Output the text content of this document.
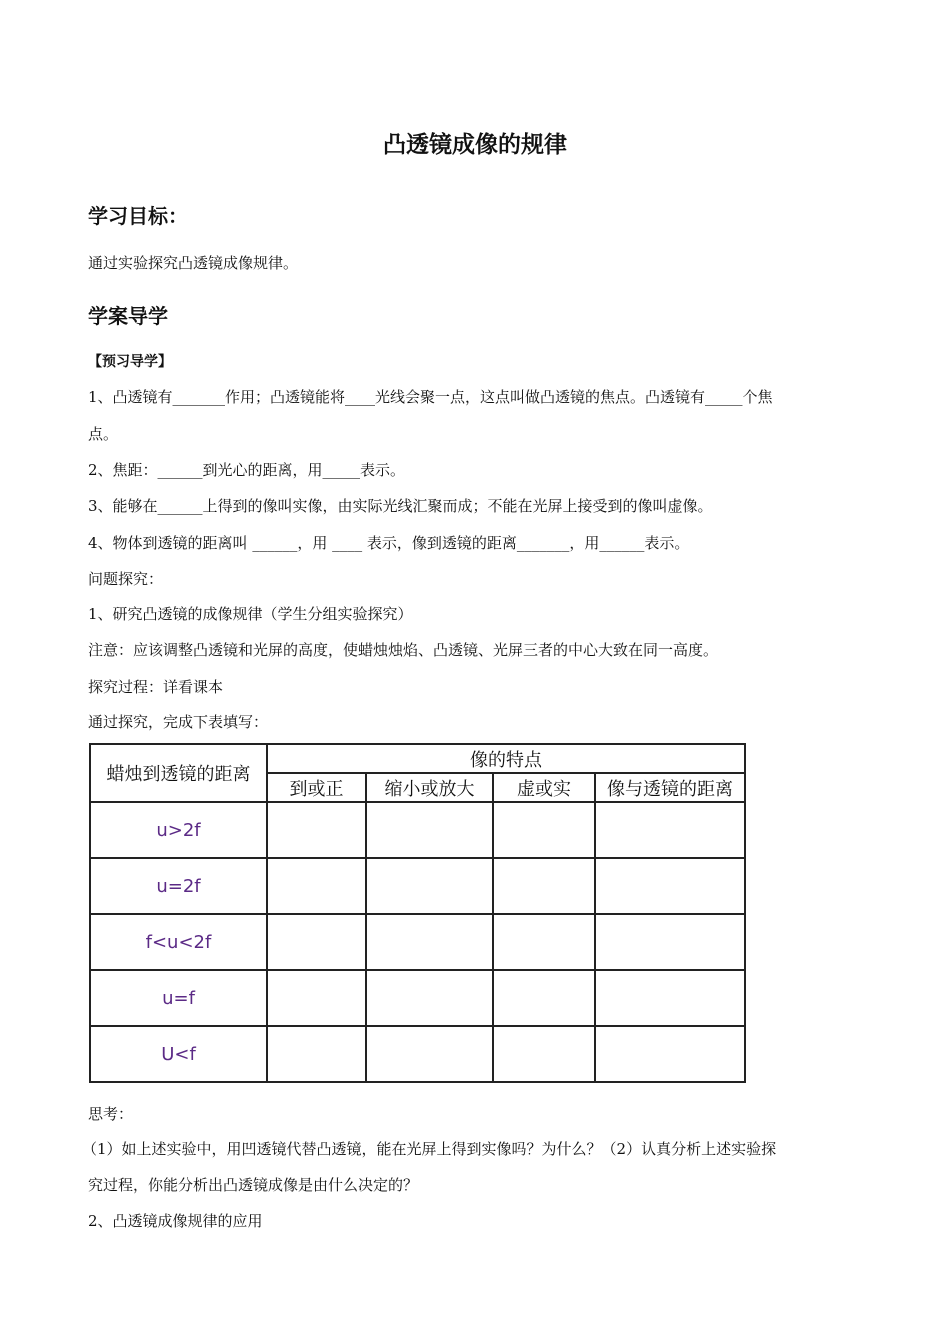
凸透镜成像的规律
学习目标：
通过实验探究凸透镜成像规律。
学案导学
【预习导学】
1、凸透镜有_______作用；凸透镜能将____光线会聚一点，这点叫做凸透镜的焦点。凸透镜有_____个焦
点。
2、焦距：______到光心的距离，用_____表示。
3、能够在______上得到的像叫实像，由实际光线汇聚而成；不能在光屏上接受到的像叫虚像。
4、物体到透镜的距离叫 ______，用 ____ 表示，像到透镜的距离_______，用______表示。
问题探究：
1、研究凸透镜的成像规律（学生分组实验探究）
注意：应该调整凸透镜和光屏的高度，使蜡烛烛焰、凸透镜、光屏三者的中心大致在同一高度。
探究过程：详看课本
通过探究，完成下表填写：
蜡烛到透镜的距离	像的特点			
	到或正	缩小或放大	虚或实	像与透镜的距离
u>2f				
u=2f				
f<u<2f				
u=f				
U<f				
思考：
（1）如上述实验中，用凹透镜代替凸透镜，能在光屏上得到实像吗？为什么？（2）认真分析上述实验探
究过程，你能分析出凸透镜成像是由什么决定的？
2、凸透镜成像规律的应用
